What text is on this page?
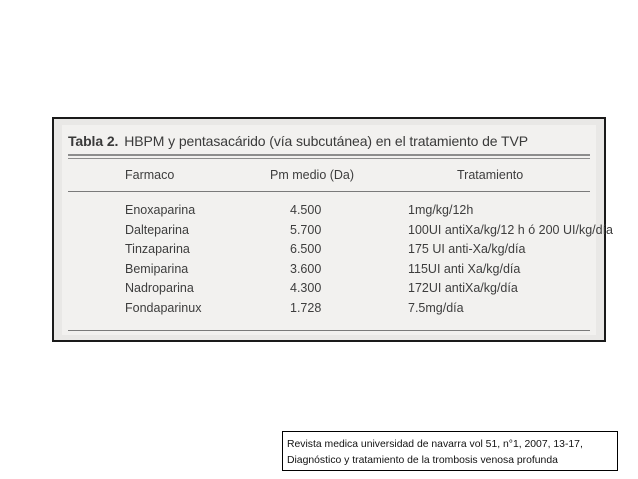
Tabla 2. HBPM y pentasacárido (vía subcutánea) en el tratamiento de TVP
Farmaco	Pm medio (Da)	Tratamiento
Enoxaparina	4.500	1mg/kg/12h
Dalteparina	5.700	100UI antiXa/kg/12 h ó 200 UI/kg/día
Tinzaparina	6.500	175 UI anti-Xa/kg/día
Bemiparina	3.600	115UI anti Xa/kg/día
Nadroparina	4.300	172UI antiXa/kg/día
Fondaparinux	1.728	7.5mg/día
Revista medica universidad de navarra vol 51, n°1, 2007, 13-17,
Diagnóstico y tratamiento de la trombosis venosa profunda
